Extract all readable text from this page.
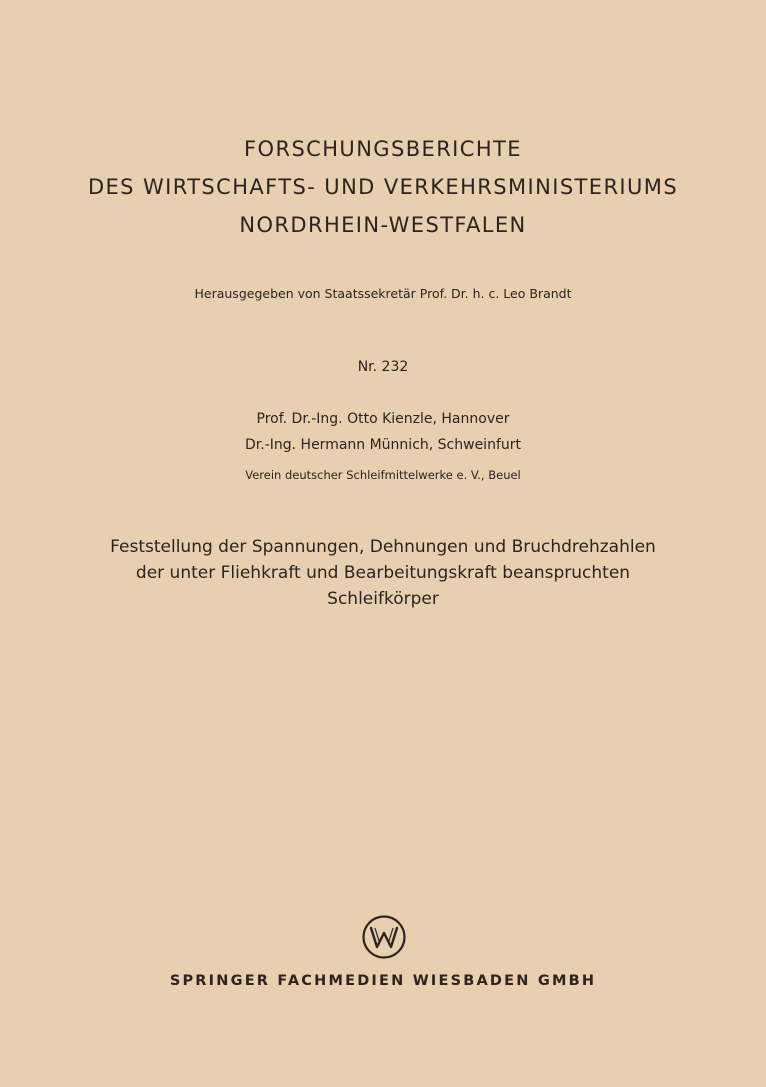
FORSCHUNGSBERICHTE
DES WIRTSCHAFTS- UND VERKEHRSMINISTERIUMS
NORDRHEIN-WESTFALEN
Herausgegeben von Staatssekretär Prof. Dr. h. c. Leo Brandt
Nr. 232
Prof. Dr.-Ing. Otto Kienzle, Hannover
Dr.-Ing. Hermann Münnich, Schweinfurt
Verein deutscher Schleifmittelwerke e. V., Beuel
Feststellung der Spannungen, Dehnungen und Bruchdrehzahlen
der unter Fliehkraft und Bearbeitungskraft beanspruchten
Schleifkörper
SPRINGER FACHMEDIEN WIESBADEN GMBH
